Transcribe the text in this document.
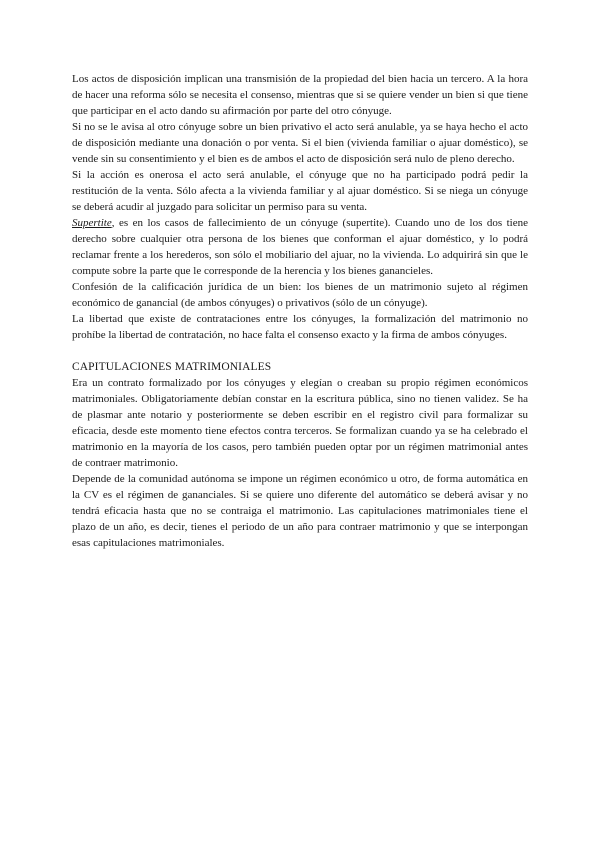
Los actos de disposición implican una transmisión de la propiedad del bien hacia un tercero. A la hora de hacer una reforma sólo se necesita el consenso, mientras que si se quiere vender un bien si que tiene que participar en el acto dando su afirmación por parte del otro cónyuge.

Si no se le avisa al otro cónyuge sobre un bien privativo el acto será anulable, ya se haya hecho el acto de disposición mediante una donación o por venta. Si el bien (vivienda familiar o ajuar doméstico), se vende sin su consentimiento y el bien es de ambos el acto de disposición será nulo de pleno derecho.

Si la acción es onerosa el acto será anulable, el cónyuge que no ha participado podrá pedir la restitución de la venta. Sólo afecta a la vivienda familiar y al ajuar doméstico. Si se niega un cónyuge se deberá acudir al juzgado para solicitar un permiso para su venta.

Supertite, es en los casos de fallecimiento de un cónyuge (supertite). Cuando uno de los dos tiene derecho sobre cualquier otra persona de los bienes que conforman el ajuar doméstico, y lo podrá reclamar frente a los herederos, son sólo el mobiliario del ajuar, no la vivienda. Lo adquirirá sin que le compute sobre la parte que le corresponde de la herencia y los bienes ganancieles.

Confesión de la calificación jurídica de un bien: los bienes de un matrimonio sujeto al régimen económico de ganancial (de ambos cónyuges) o privativos (sólo de un cónyuge).

La libertad que existe de contrataciones entre los cónyuges, la formalización del matrimonio no prohíbe la libertad de contratación, no hace falta el consenso exacto y la firma de ambos cónyuges.

CAPITULACIONES MATRIMONIALES

Era un contrato formalizado por los cónyuges y elegían o creaban su propio régimen económicos matrimoniales. Obligatoriamente debían constar en la escritura pública, sino no tienen validez. Se ha de plasmar ante notario y posteriormente se deben escribir en el registro civil para formalizar su eficacia, desde este momento tiene efectos contra terceros. Se formalizan cuando ya se ha celebrado el matrimonio en la mayoría de los casos, pero también pueden optar por un régimen matrimonial antes de contraer matrimonio.

Depende de la comunidad autónoma se impone un régimen económico u otro, de forma automática en la CV es el régimen de gananciales. Si se quiere uno diferente del automático se deberá avisar y no tendrá eficacia hasta que no se contraiga el matrimonio. Las capitulaciones matrimoniales tiene el plazo de un año, es decir, tienes el periodo de un año para contraer matrimonio y que se interpongan esas capitulaciones matrimoniales.
